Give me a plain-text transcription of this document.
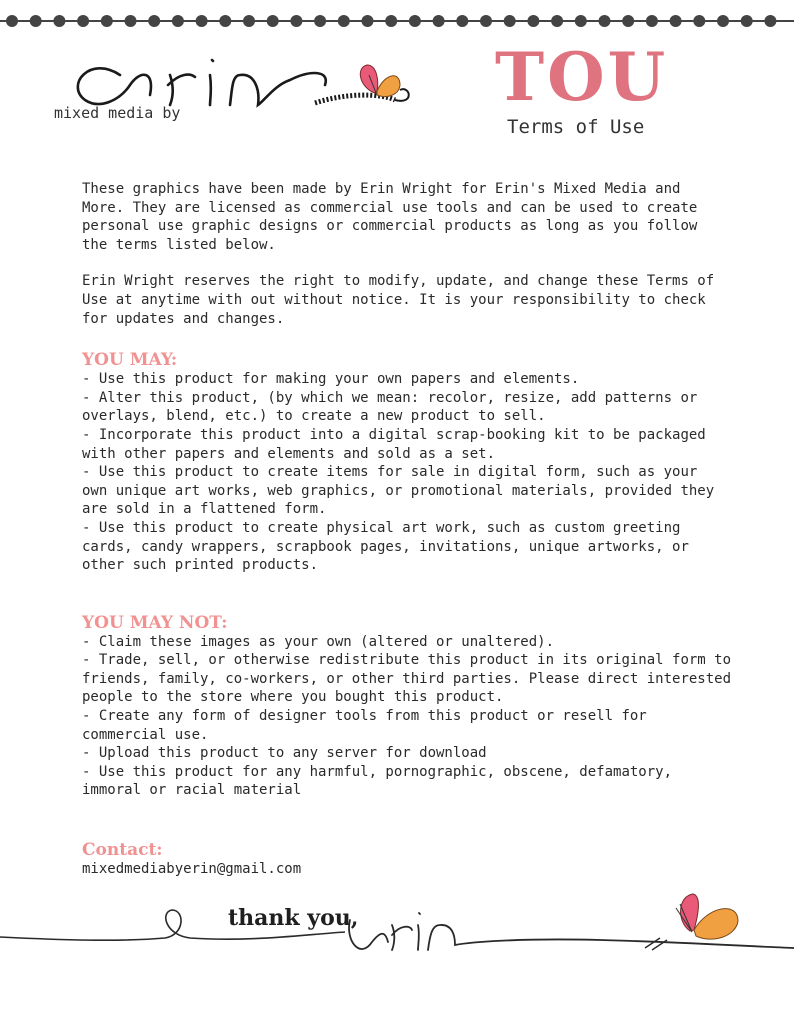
mixed media by	TOU
Terms of Use

These graphics have been made by Erin Wright for Erin's Mixed Media and
More. They are licensed as commercial use tools and can be used to create
personal use graphic designs or commercial products as long as you follow
the terms listed below.

Erin Wright reserves the right to modify, update, and change these Terms of
Use at anytime with out without notice. It is your responsibility to check
for updates and changes.

YOU MAY:
- Use this product for making your own papers and elements.
- Alter this product, (by which we mean: recolor, resize, add patterns or
overlays, blend, etc.) to create a new product to sell.
- Incorporate this product into a digital scrap-booking kit to be packaged
with other papers and elements and sold as a set.
- Use this product to create items for sale in digital form, such as your
own unique art works, web graphics, or promotional materials, provided they
are sold in a flattened form.
- Use this product to create physical art work, such as custom greeting
cards, candy wrappers, scrapbook pages, invitations, unique artworks, or
other such printed products.
YOU MAY NOT:
- Claim these images as your own (altered or unaltered).
- Trade, sell, or otherwise redistribute this product in its original form to
friends, family, co-workers, or other third parties. Please direct interested
people to the store where you bought this product.
- Create any form of designer tools from this product or resell for
commercial use.
- Upload this product to any server for download
- Use this product for any harmful, pornographic, obscene, defamatory,
immoral or racial material
Contact:
mixedmediabyerin@gmail.com
thank you,
